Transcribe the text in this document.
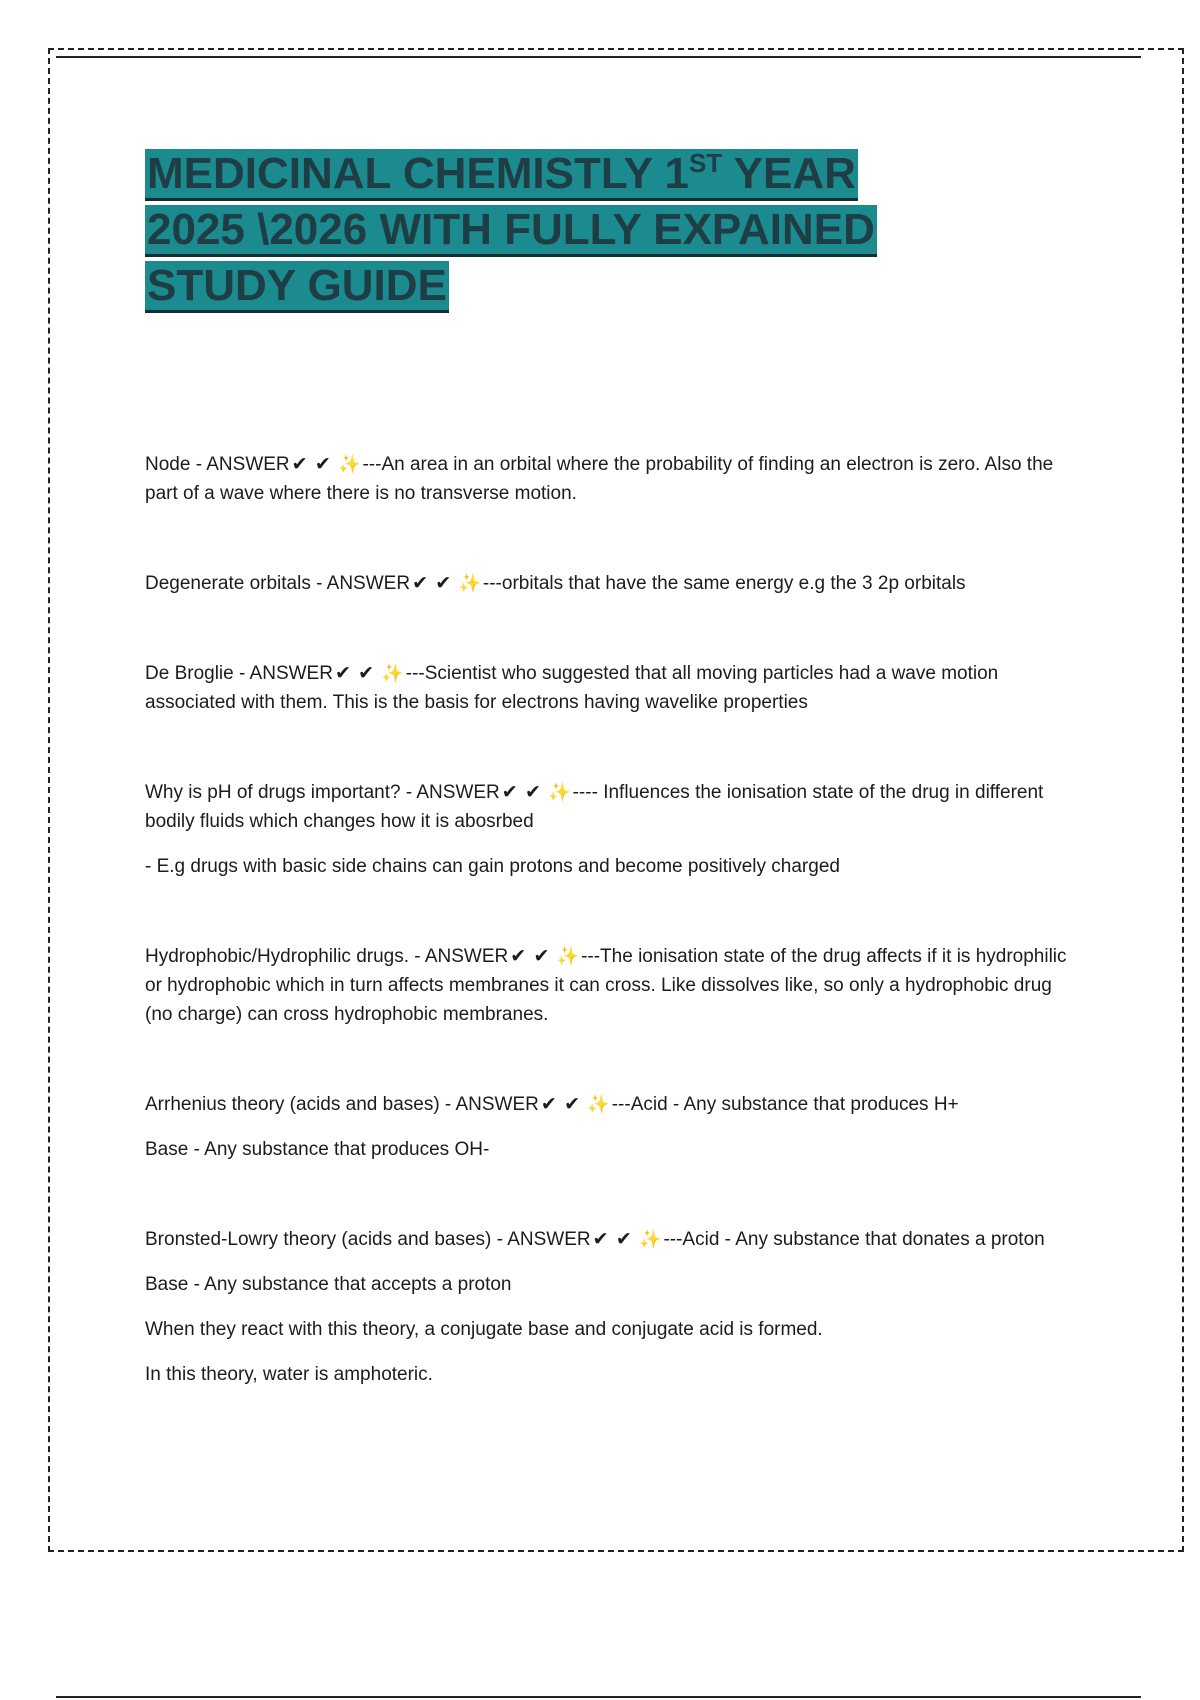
MEDICINAL CHEMISTLY 1ST YEAR
2025 \2026 WITH FULLY EXPAINED
STUDY GUIDE

Node - ANSWER ✔ ✔ ✨ ---An area in an orbital where the probability of finding an electron is zero. Also the part of a wave where there is no transverse motion.

Degenerate orbitals - ANSWER ✔ ✔ ✨ ---orbitals that have the same energy e.g the 3 2p orbitals

De Broglie - ANSWER ✔ ✔ ✨ ---Scientist who suggested that all moving particles had a wave motion associated with them. This is the basis for electrons having wavelike properties

Why is pH of drugs important? - ANSWER ✔ ✔ ✨ ---- Influences the ionisation state of the drug in different bodily fluids which changes how it is abosrbed

- E.g drugs with basic side chains can gain protons and become positively charged

Hydrophobic/Hydrophilic drugs. - ANSWER ✔ ✔ ✨ ---The ionisation state of the drug affects if it is hydrophilic or hydrophobic which in turn affects membranes it can cross. Like dissolves like, so only a hydrophobic drug (no charge) can cross hydrophobic membranes.

Arrhenius theory (acids and bases) - ANSWER ✔ ✔ ✨ ---Acid - Any substance that produces H+

Base - Any substance that produces OH-

Bronsted-Lowry theory (acids and bases) - ANSWER ✔ ✔ ✨ ---Acid - Any substance that donates a proton

Base - Any substance that accepts a proton

When they react with this theory, a conjugate base and conjugate acid is formed.

In this theory, water is amphoteric.
